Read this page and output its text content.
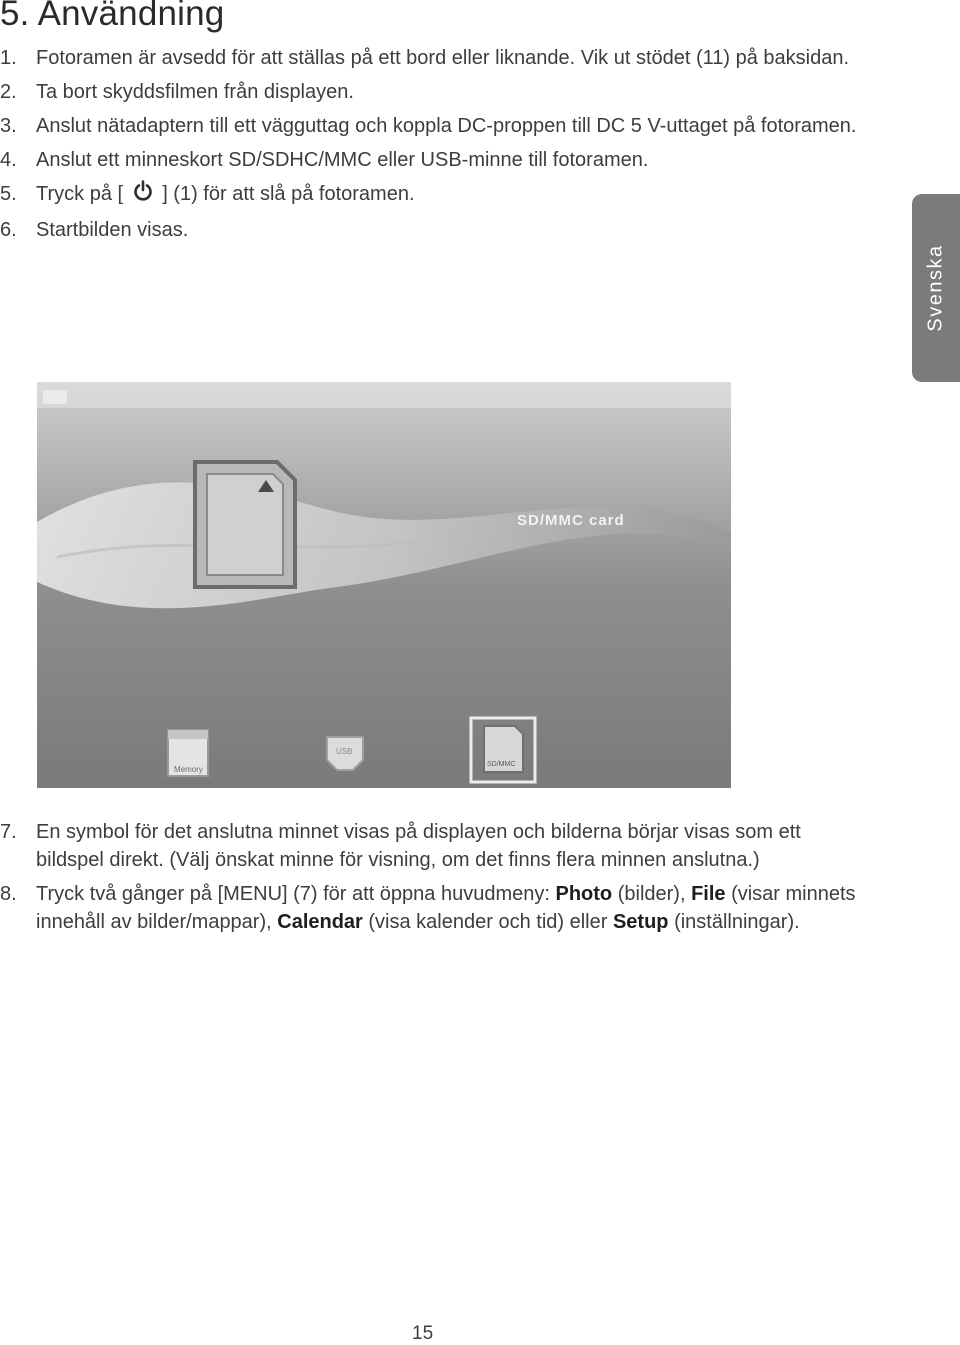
5. Användning
1. Fotoramen är avsedd för att ställas på ett bord eller liknande. Vik ut stödet (11) på baksidan.
2. Ta bort skyddsfilmen från displayen.
3. Anslut nätadaptern till ett vägguttag och koppla DC-proppen till DC 5 V-uttaget på fotoramen.
4. Anslut ett minneskort SD/SDHC/MMC eller USB-minne till fotoramen.
5. Tryck på [ ] (1) för att slå på fotoramen.
6. Startbilden visas.
Svenska
SD/MMC card
Memory
USB
SD/MMC
7. En symbol för det anslutna minnet visas på displayen och bilderna börjar visas som ett bildspel direkt. (Välj önskat minne för visning, om det finns flera minnen anslutna.)
8. Tryck två gånger på [MENU] (7) för att öppna huvudmeny: Photo (bilder), File (visar minnets innehåll av bilder/mappar), Calendar (visa kalender och tid) eller Setup (inställningar).
15
